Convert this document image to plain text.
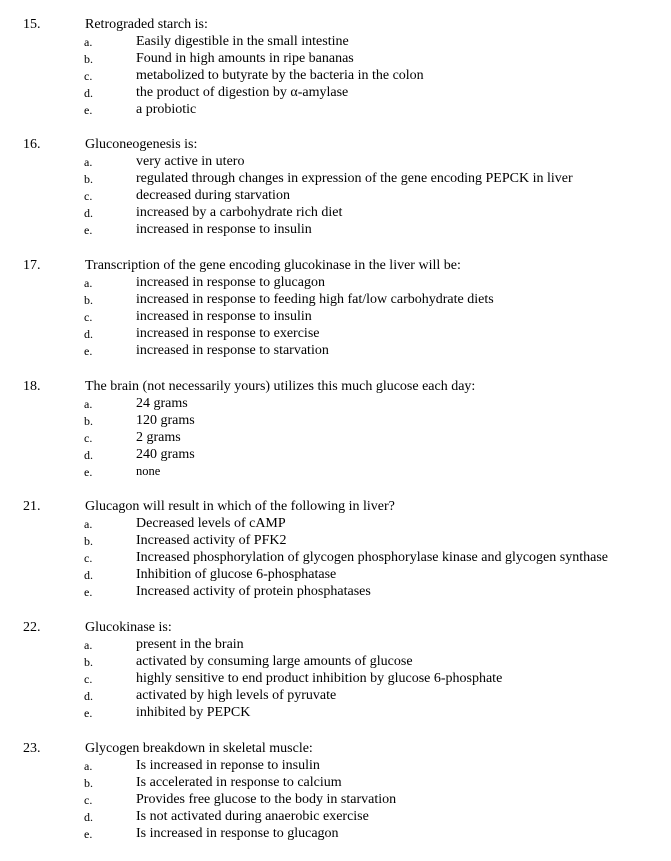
15.	Retrograded starch is:
a.	Easily digestible in the small intestine
b.	Found in high amounts in ripe bananas
c.	metabolized to butyrate by the bacteria in the colon
d.	the product of digestion by α-amylase
e.	a probiotic
16.	Gluconeogenesis is:
a.	very active in utero
b.	regulated through changes in expression of the gene encoding PEPCK in liver
c.	decreased during starvation
d.	increased by a carbohydrate rich diet
e.	increased in response to insulin
17.	Transcription of the gene encoding glucokinase in the liver will be:
a.	increased in response to glucagon
b.	increased in response to feeding high fat/low carbohydrate diets
c.	increased in response to insulin
d.	increased in response to exercise
e.	increased in response to starvation
18.	The brain (not necessarily yours) utilizes this much glucose each day:
a.	24 grams
b.	120 grams
c.	2 grams
d.	240 grams
e.	none
21.	Glucagon will result in which of the following in liver?
a.	Decreased levels of cAMP
b.	Increased activity of PFK2
c.	Increased phosphorylation of glycogen phosphorylase kinase and glycogen synthase
d.	Inhibition of glucose 6-phosphatase
e.	Increased activity of protein phosphatases
22.	Glucokinase is:
a.	present in the brain
b.	activated by consuming large amounts of glucose
c.	highly sensitive to end product inhibition by glucose 6-phosphate
d.	activated by high levels of pyruvate
e.	inhibited by PEPCK
23.	Glycogen breakdown in skeletal muscle:
a.	Is increased in reponse to insulin
b.	Is accelerated in response to calcium
c.	Provides free glucose to the body in starvation
d.	Is not activated during anaerobic exercise
e.	Is increased in response to glucagon
